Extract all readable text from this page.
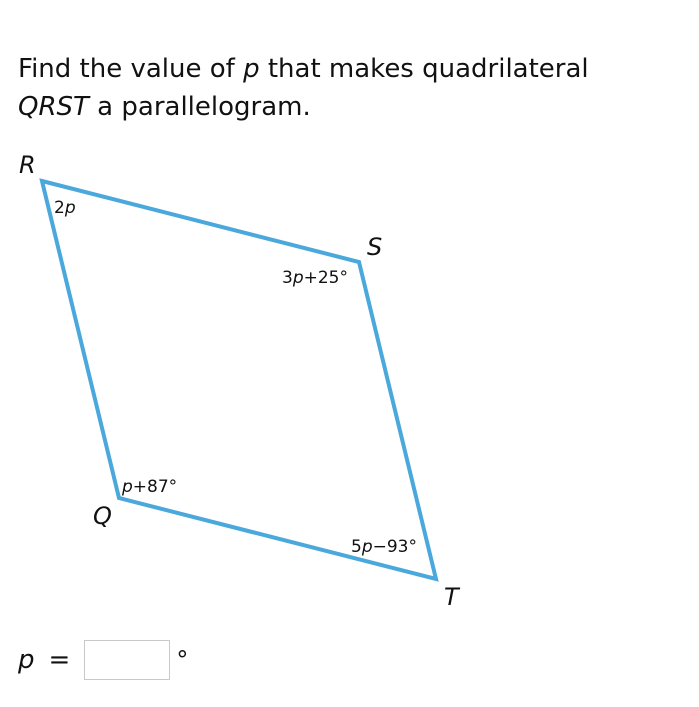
Find the value of p that makes quadrilateral
QRST a parallelogram.
R
S
T
Q
2p
3p+25°
5p−93°
p+87°
p =	°
